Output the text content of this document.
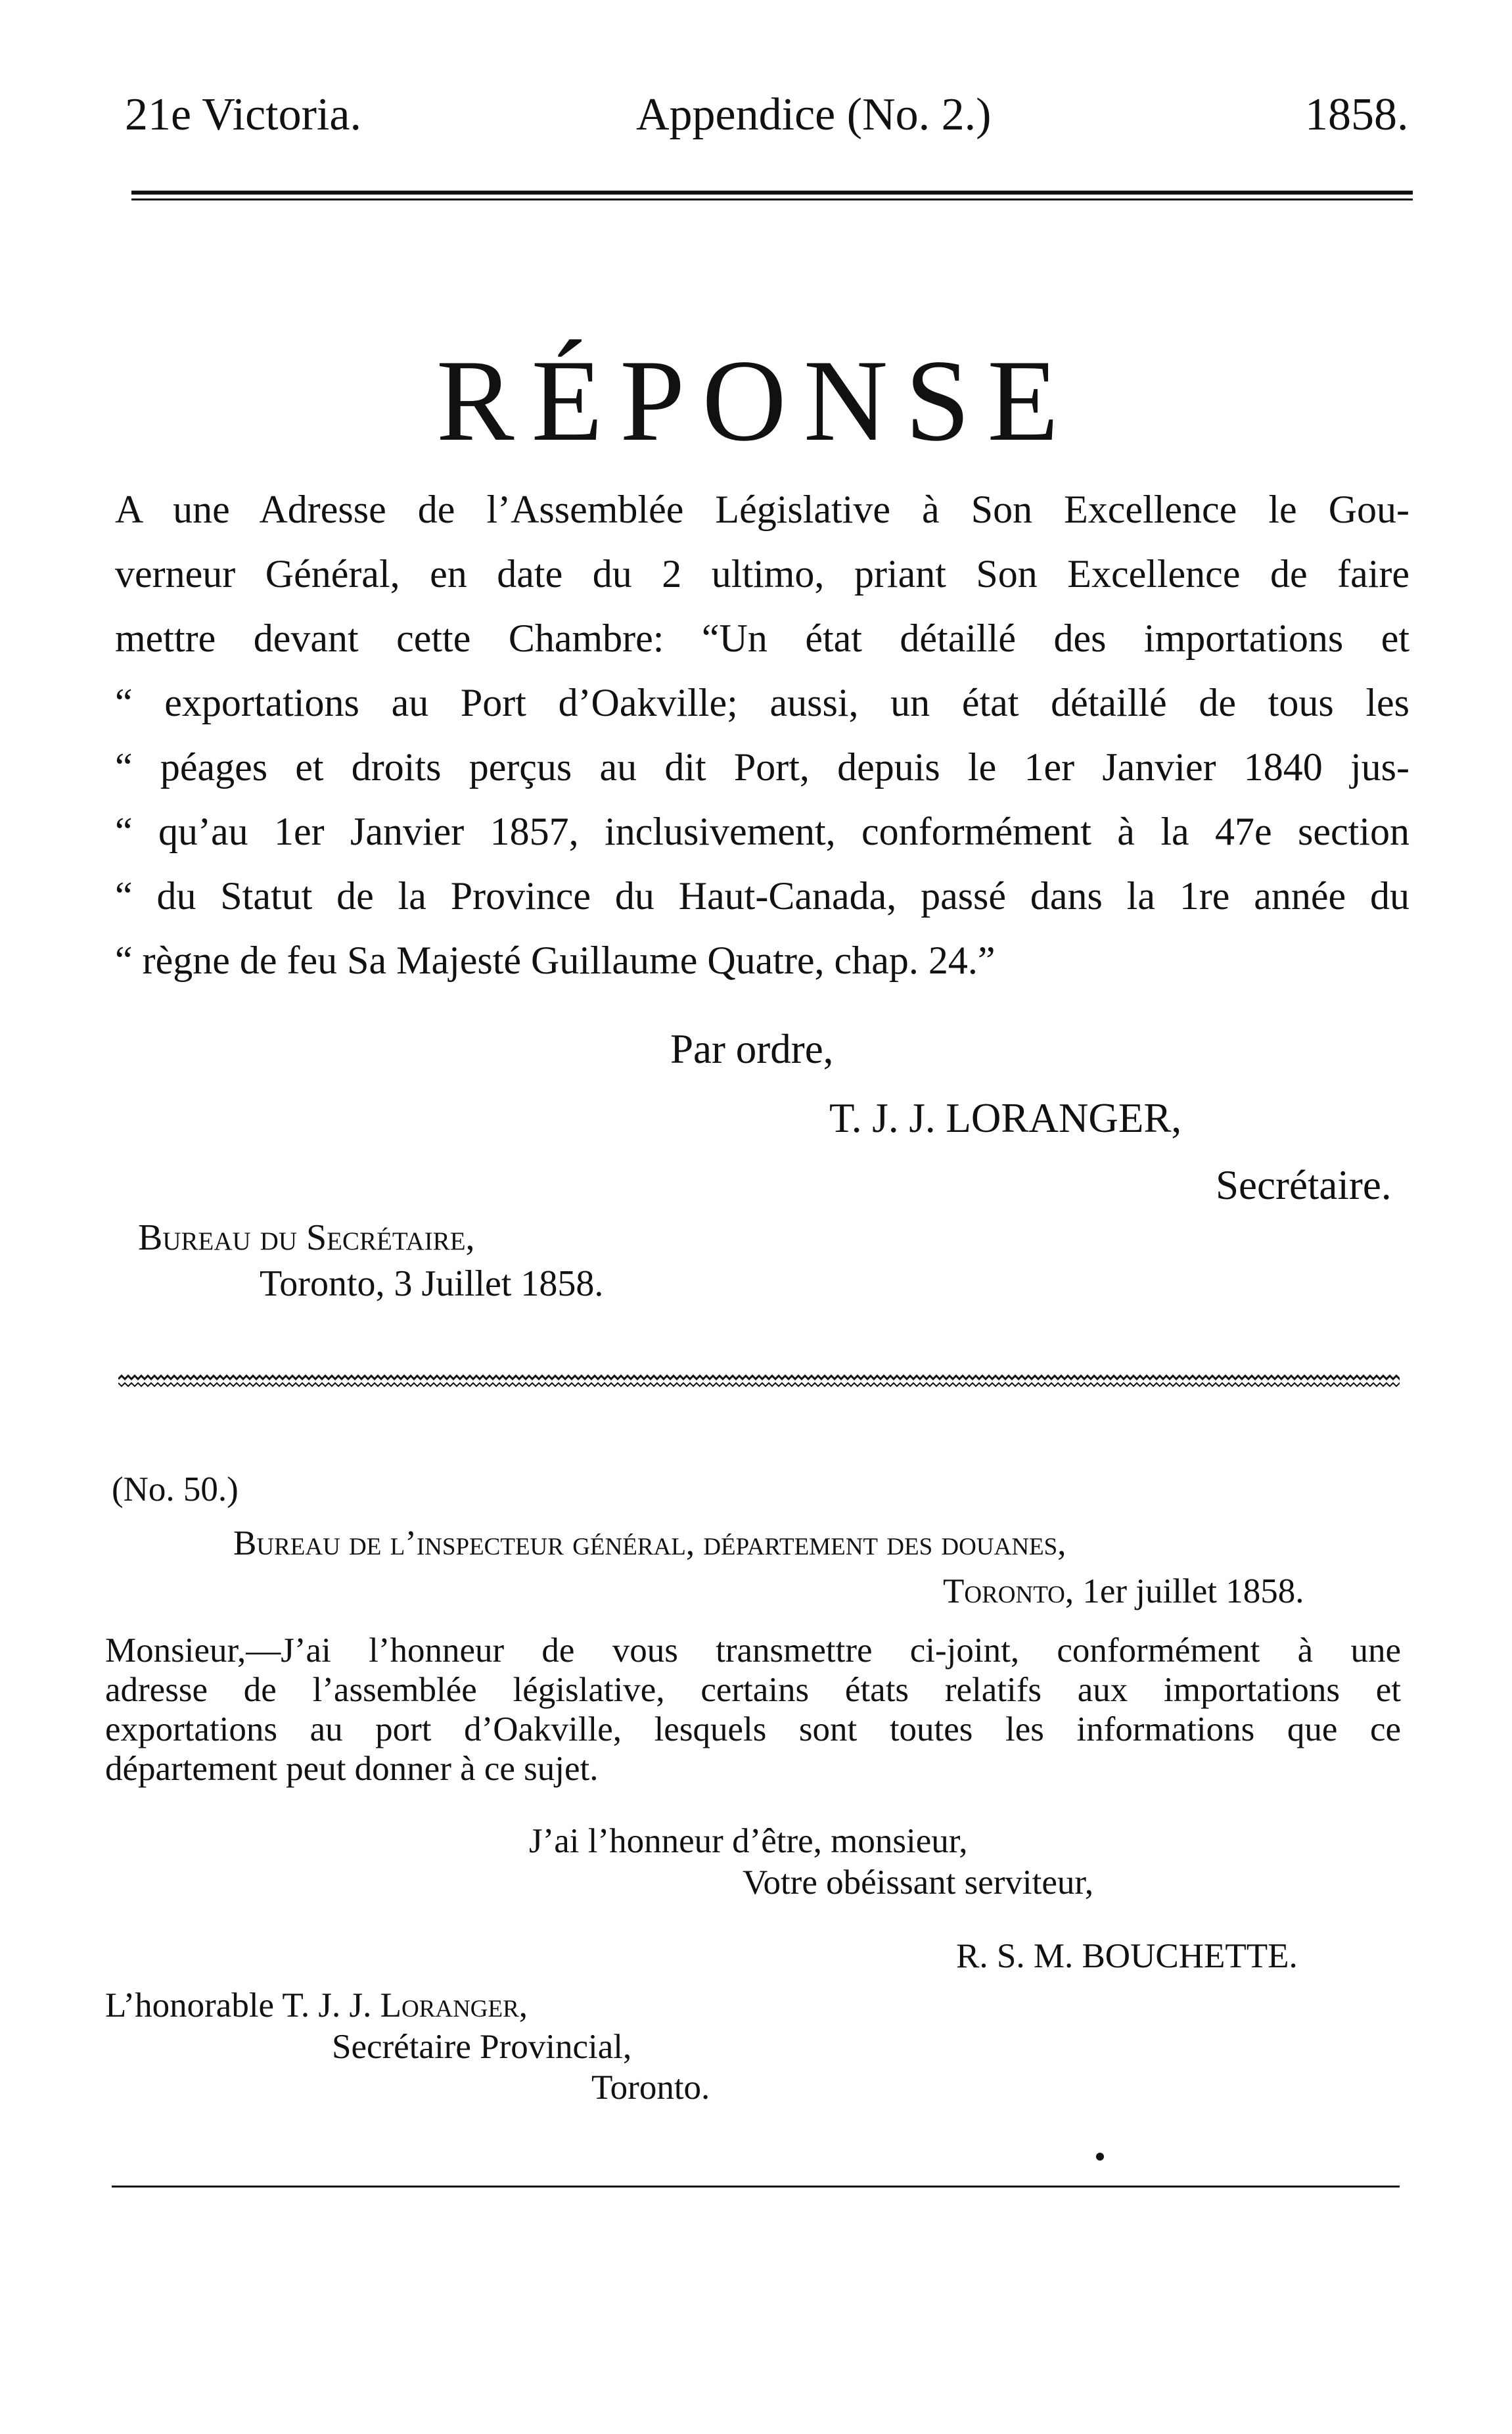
21e Victoria.	Appendice (No. 2.)	1858.

RÉPONSE

A une Adresse de l’Assemblée Législative à Son Excellence le Gou-

verneur Général, en date du 2 ultimo, priant Son Excellence de faire

mettre devant cette Chambre: “Un état détaillé des importations et

“ exportations au Port d’Oakville; aussi, un état détaillé de tous les

“ péages et droits perçus au dit Port, depuis le 1er Janvier 1840 jus-

“ qu’au 1er Janvier 1857, inclusivement, conformément à la 47e section

“ du Statut de la Province du Haut-Canada, passé dans la 1re année du

“ règne de feu Sa Majesté Guillaume Quatre, chap. 24.”

Par ordre,

T. J. J. LORANGER,

Secrétaire.

Bureau du Secrétaire,

Toronto, 3 Juillet 1858.

(No. 50.)

Bureau de l’inspecteur général, département des douanes,

Toronto, 1er juillet 1858.

Monsieur,—J’ai l’honneur de vous transmettre ci-joint, conformément à une

adresse de l’assemblée législative, certains états relatifs aux importations et

exportations au port d’Oakville, lesquels sont toutes les informations que ce

département peut donner à ce sujet.

J’ai l’honneur d’être, monsieur,

Votre obéissant serviteur,

R. S. M. BOUCHETTE.

L’honorable T. J. J. Loranger,

Secrétaire Provincial,

Toronto.
